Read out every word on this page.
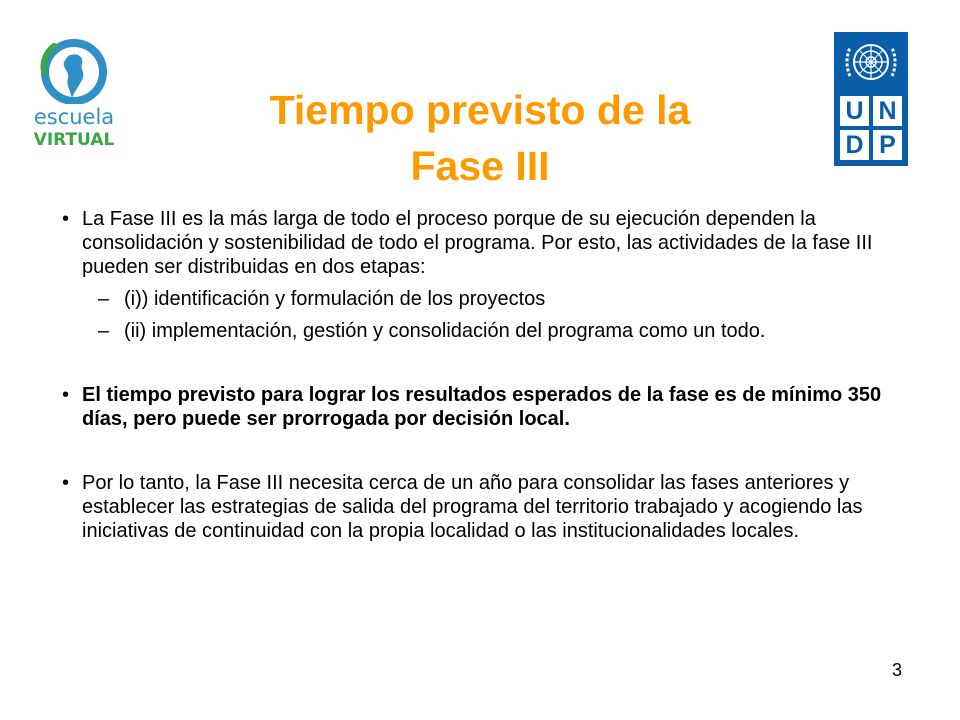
escuela
VIRTUAL
U N
D P
Tiempo previsto de la
Fase III
• La Fase III es la más larga de todo el proceso porque de su ejecución dependen la consolidación y sostenibilidad de todo el programa. Por esto, las actividades de la fase III pueden ser distribuidas en dos etapas:
– (i)) identificación y formulación de los proyectos
– (ii) implementación, gestión y consolidación del programa como un todo.
• El tiempo previsto para lograr los resultados esperados de la fase es de mínimo 350 días, pero puede ser prorrogada por decisión local.
• Por lo tanto, la Fase III necesita cerca de un año para consolidar las fases anteriores y establecer las estrategias de salida del programa del territorio trabajado y acogiendo las iniciativas de continuidad con la propia localidad o las institucionalidades locales.
3
